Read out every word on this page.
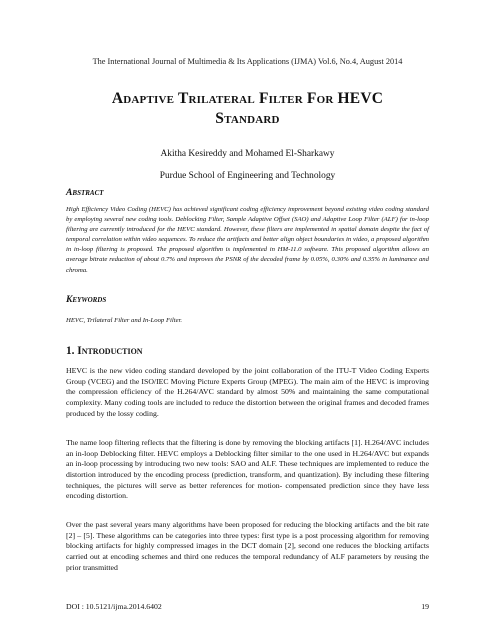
The International Journal of Multimedia & Its Applications (IJMA) Vol.6, No.4, August 2014
Adaptive Trilateral Filter For HEVC
Standard
Akitha Kesireddy and Mohamed El-Sharkawy
Purdue School of Engineering and Technology
Abstract

High Efficiency Video Coding (HEVC) has achieved significant coding efficiency improvement beyond existing video coding standard by employing several new coding tools. Deblocking Filter, Sample Adaptive Offset (SAO) and Adaptive Loop Filter (ALF) for in-loop filtering are currently introduced for the HEVC standard. However, these filters are implemented in spatial domain despite the fact of temporal correlation within video sequences. To reduce the artifacts and better align object boundaries in video, a proposed algorithm in in-loop filtering is proposed. The proposed algorithm is implemented in HM-11.0 software. This proposed algorithm allows an average bitrate reduction of about 0.7% and improves the PSNR of the decoded frame by 0.05%, 0.30% and 0.35% in luminance and chroma.

Keywords

HEVC, Trilateral Filter and In-Loop Filter.

1. Introduction

HEVC is the new video coding standard developed by the joint collaboration of the ITU-T Video Coding Experts Group (VCEG) and the ISO/IEC Moving Picture Experts Group (MPEG). The main aim of the HEVC is improving the compression efficiency of the H.264/AVC standard by almost 50% and maintaining the same computational complexity. Many coding tools are included to reduce the distortion between the original frames and decoded frames produced by the lossy coding.

The name loop filtering reflects that the filtering is done by removing the blocking artifacts [1]. H.264/AVC includes an in-loop Deblocking filter. HEVC employs a Deblocking filter similar to the one used in H.264/AVC but expands an in-loop processing by introducing two new tools: SAO and ALF. These techniques are implemented to reduce the distortion introduced by the encoding process (prediction, transform, and quantization). By including these filtering techniques, the pictures will serve as better references for motion- compensated prediction since they have less encoding distortion.

Over the past several years many algorithms have been proposed for reducing the blocking artifacts and the bit rate [2] – [5]. These algorithms can be categories into three types: first type is a post processing algorithm for removing blocking artifacts for highly compressed images in the DCT domain [2], second one reduces the blocking artifacts carried out at encoding schemes and third one reduces the temporal redundancy of ALF parameters by reusing the prior transmitted

DOI : 10.5121/ijma.2014.6402	19
